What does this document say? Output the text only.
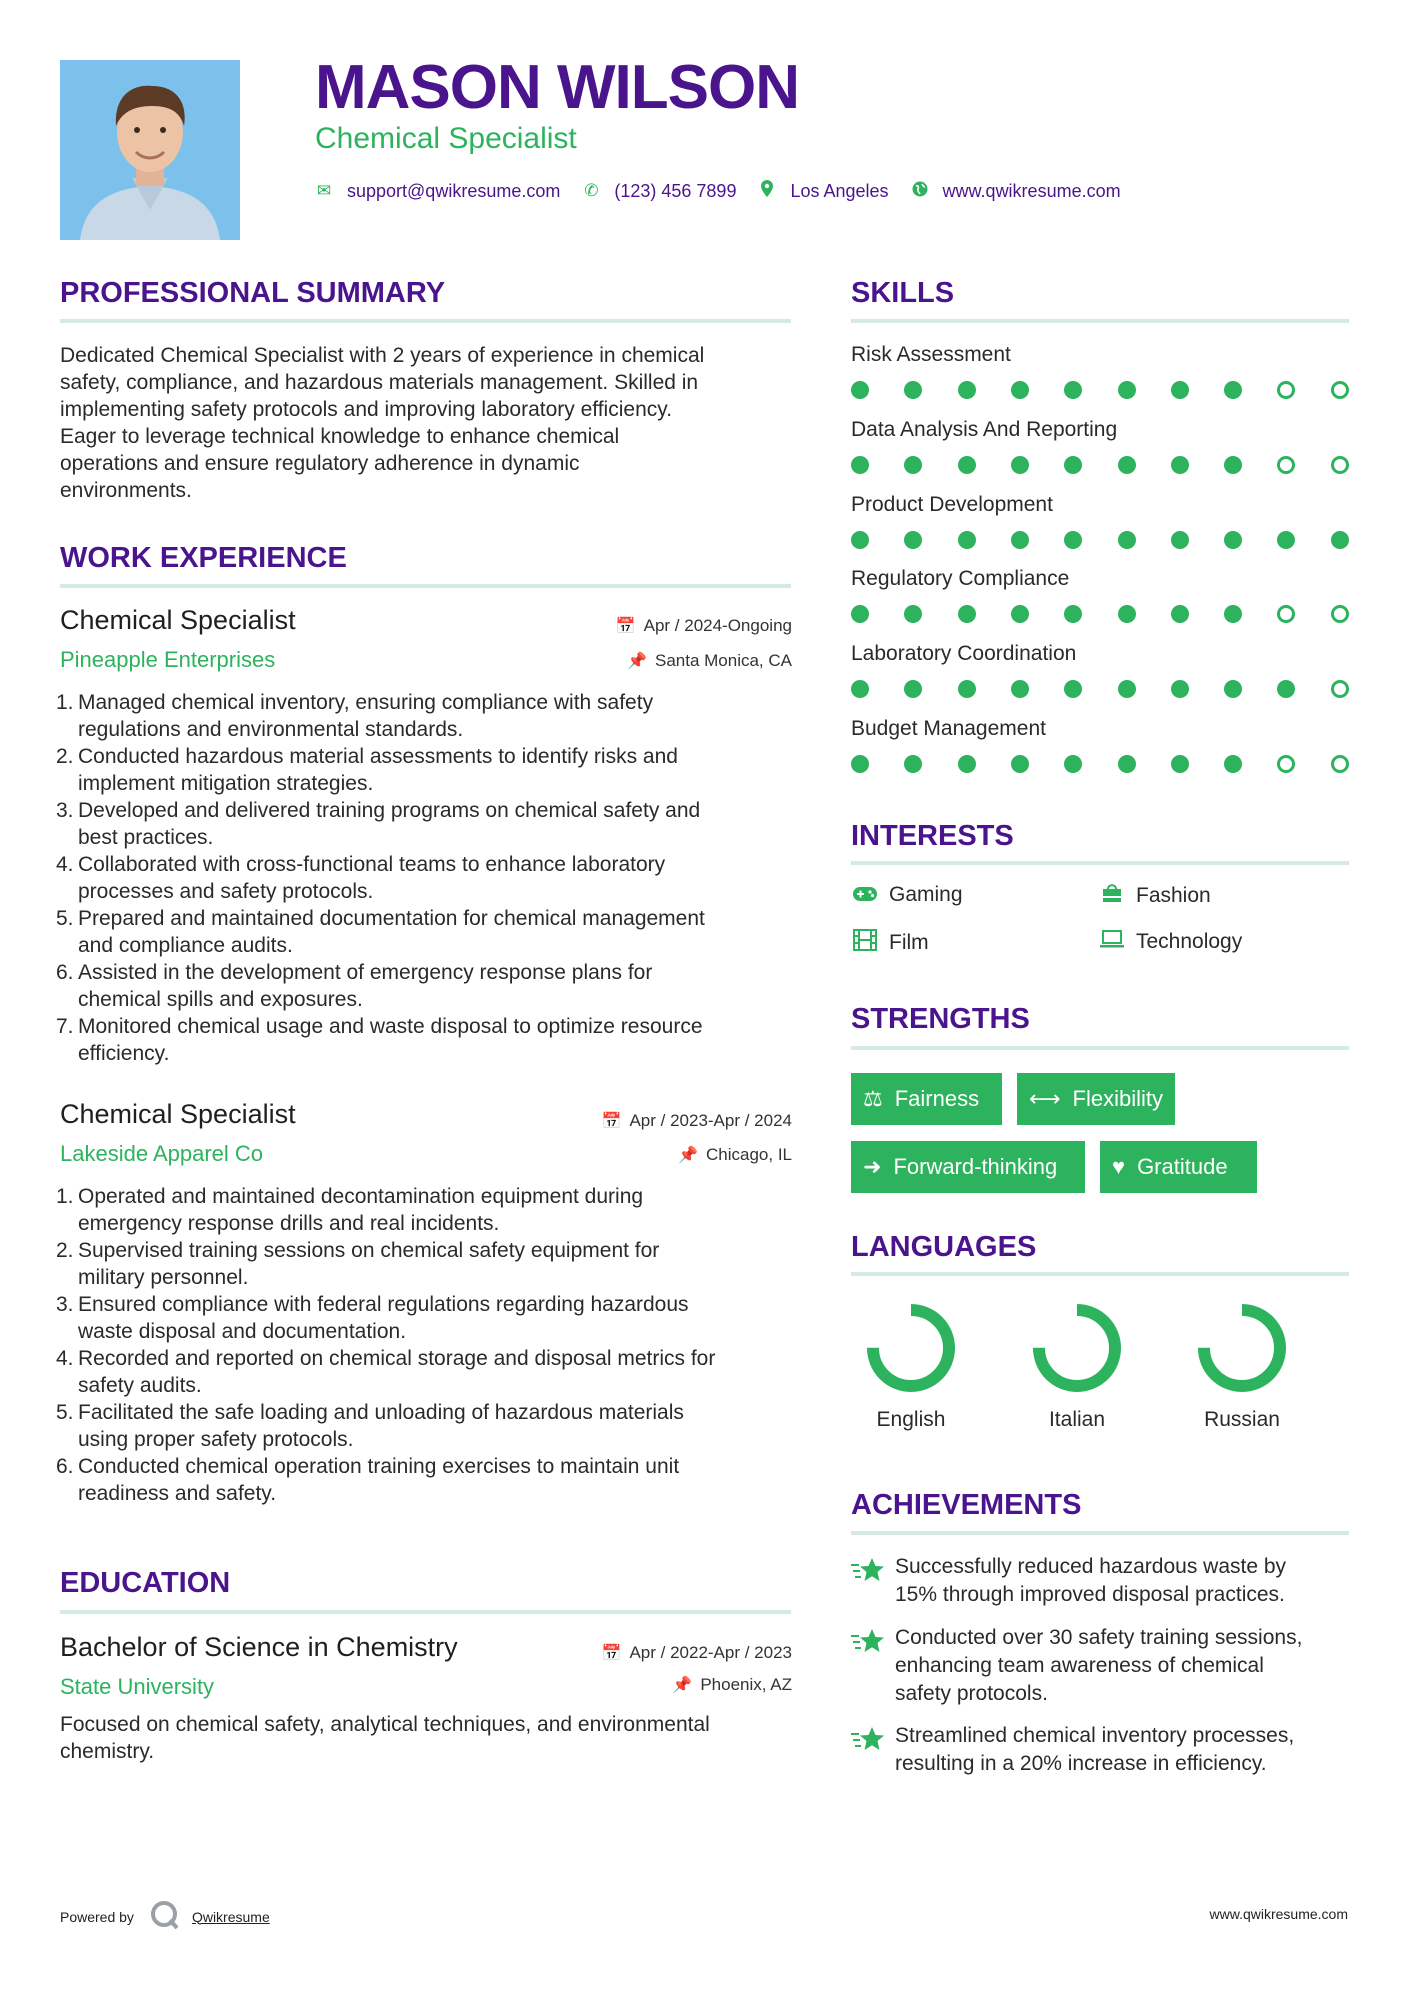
MASON WILSON
Chemical Specialist
✉ support@qwikresume.com ✆ (123) 456 7899	Los Angeles	www.qwikresume.com
PROFESSIONAL SUMMARY
Dedicated Chemical Specialist with 2 years of experience in chemical
safety, compliance, and hazardous materials management. Skilled in
implementing safety protocols and improving laboratory efficiency.
Eager to leverage technical knowledge to enhance chemical
operations and ensure regulatory adherence in dynamic
environments.
WORK EXPERIENCE
Chemical Specialist	📅 Apr / 2024-Ongoing
Pineapple Enterprises	📌 Santa Monica, CA
1. Managed chemical inventory, ensuring compliance with safety
regulations and environmental standards.
2. Conducted hazardous material assessments to identify risks and
implement mitigation strategies.
3. Developed and delivered training programs on chemical safety and
best practices.
4. Collaborated with cross-functional teams to enhance laboratory
processes and safety protocols.
5. Prepared and maintained documentation for chemical management
and compliance audits.
6. Assisted in the development of emergency response plans for
chemical spills and exposures.
7. Monitored chemical usage and waste disposal to optimize resource
efficiency.
Chemical Specialist	📅 Apr / 2023-Apr / 2024
Lakeside Apparel Co	📌 Chicago, IL
1. Operated and maintained decontamination equipment during
emergency response drills and real incidents.
2. Supervised training sessions on chemical safety equipment for
military personnel.
3. Ensured compliance with federal regulations regarding hazardous
waste disposal and documentation.
4. Recorded and reported on chemical storage and disposal metrics for
safety audits.
5. Facilitated the safe loading and unloading of hazardous materials
using proper safety protocols.
6. Conducted chemical operation training exercises to maintain unit
readiness and safety.
EDUCATION
Bachelor of Science in Chemistry	📅 Apr / 2022-Apr / 2023
State University	📌 Phoenix, AZ
Focused on chemical safety, analytical techniques, and environmental
chemistry.
SKILLS
Risk Assessment
Data Analysis And Reporting
Product Development
Regulatory Compliance
Laboratory Coordination
Budget Management
INTERESTS
Gaming	Fashion
Film	Technology
STRENGTHS
⚖ Fairness ⟷ Flexibility
➜ Forward-thinking ♥ Gratitude
LANGUAGES
English	Italian	Russian
ACHIEVEMENTS
Successfully reduced hazardous waste by
15% through improved disposal practices.
Conducted over 30 safety training sessions,
enhancing team awareness of chemical
safety protocols.
Streamlined chemical inventory processes,
resulting in a 20% increase in efficiency.
Powered by	Qwikresume	www.qwikresume.com
